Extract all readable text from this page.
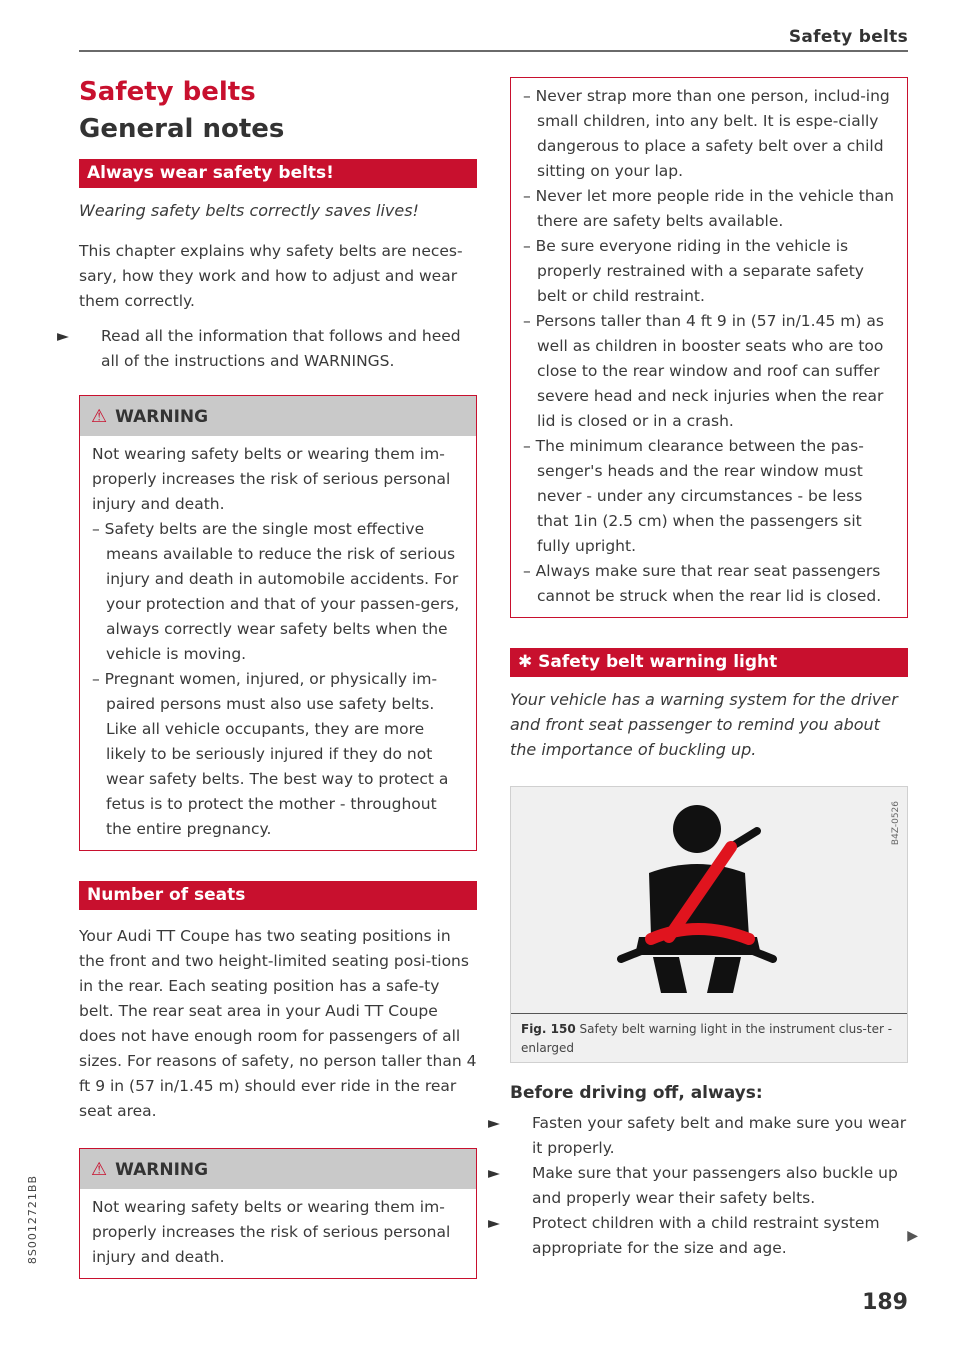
Safety belts
Safety belts
General notes
Always wear safety belts!

Wearing safety belts correctly saves lives!

This chapter explains why safety belts are neces-sary, how they work and how to adjust and wear them correctly.

► Read all the information that follows and heed all of the instructions and WARNINGS.

⚠ WARNING

Not wearing safety belts or wearing them im-properly increases the risk of serious personal injury and death.

– Safety belts are the single most effective means available to reduce the risk of serious injury and death in automobile accidents. For your protection and that of your passen-gers, always correctly wear safety belts when the vehicle is moving.

– Pregnant women, injured, or physically im-paired persons must also use safety belts. Like all vehicle occupants, they are more likely to be seriously injured if they do not wear safety belts. The best way to protect a fetus is to protect the mother - throughout the entire pregnancy.

Number of seats

Your Audi TT Coupe has two seating positions in the front and two height-limited seating posi-tions in the rear. Each seating position has a safe-ty belt. The rear seat area in your Audi TT Coupe does not have enough room for passengers of all sizes. For reasons of safety, no person taller than 4 ft 9 in (57 in/1.45 m) should ever ride in the rear seat area.

⚠ WARNING

Not wearing safety belts or wearing them im-properly increases the risk of serious personal injury and death.

– Never strap more than one person, includ-ing small children, into any belt. It is espe-cially dangerous to place a safety belt over a child sitting on your lap.

– Never let more people ride in the vehicle than there are safety belts available.

– Be sure everyone riding in the vehicle is properly restrained with a separate safety belt or child restraint.

– Persons taller than 4 ft 9 in (57 in/1.45 m) as well as children in booster seats who are too close to the rear window and roof can suffer severe head and neck injuries when the rear lid is closed or in a crash.

– The minimum clearance between the pas-senger's heads and the rear window must never - under any circumstances - be less that 1in (2.5 cm) when the passengers sit fully upright.

– Always make sure that rear seat passengers cannot be struck when the rear lid is closed.

✱ Safety belt warning light

Your vehicle has a warning system for the driver and front seat passenger to remind you about the importance of buckling up.

B4Z-0526
Fig. 150 Safety belt warning light in the instrument clus-ter - enlarged
Before driving off, always:

► Fasten your safety belt and make sure you wear it properly.

► Make sure that your passengers also buckle up and properly wear their safety belts.

► Protect children with a child restraint system appropriate for the size and age.

▶
189
8S0012721BB
